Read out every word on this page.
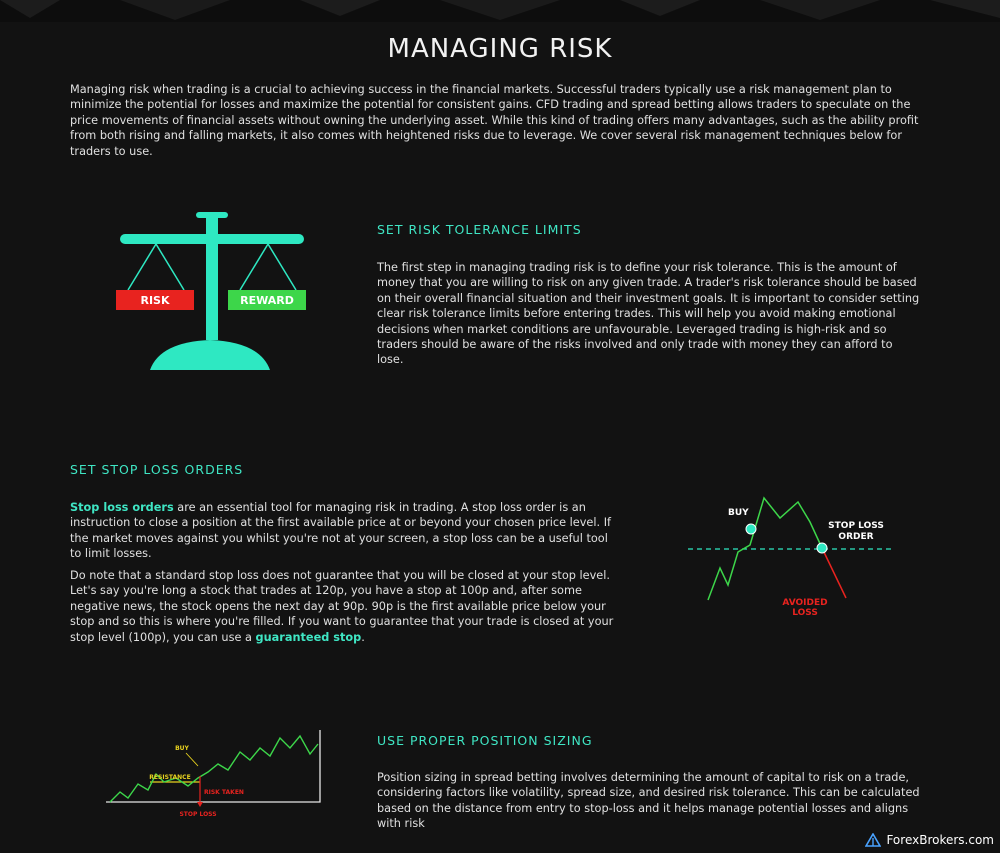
MANAGING RISK

Managing risk when trading is a crucial to achieving success in the financial markets. Successful traders typically use a risk management plan to minimize the potential for losses and maximize the potential for consistent gains. CFD trading and spread betting allows traders to speculate on the price movements of financial assets without owning the underlying asset. While this kind of trading offers many advantages, such as the ability profit from both rising and falling markets, it also comes with heightened risks due to leverage. We cover several risk management techniques below for traders to use.

RISK	REWARD
SET RISK TOLERANCE LIMITS

The first step in managing trading risk is to define your risk tolerance. This is the amount of money that you are willing to risk on any given trade. A trader's risk tolerance should be based on their overall financial situation and their investment goals. It is important to consider setting clear risk tolerance limits before entering trades. This will help you avoid making emotional decisions when market conditions are unfavourable. Leveraged trading is high-risk and so traders should be aware of the risks involved and only trade with money they can afford to lose.

SET STOP LOSS ORDERS

Stop loss orders are an essential tool for managing risk in trading. A stop loss order is an instruction to close a position at the first available price at or beyond your chosen price level. If the market moves against you whilst you're not at your screen, a stop loss can be a useful tool to limit losses.

Do note that a standard stop loss does not guarantee that you will be closed at your stop level. Let's say you're long a stock that trades at 120p, you have a stop at 100p and, after some negative news, the stock opens the next day at 90p. 90p is the first available price below your stop and so this is where you're filled. If you want to guarantee that your trade is closed at your stop level (100p), you can use a guaranteed stop.

BUY
STOP LOSS
ORDER
AVOIDED
LOSS
BUY
RESISTANCE
RISK TAKEN
STOP LOSS
USE PROPER POSITION SIZING

Position sizing in spread betting involves determining the amount of capital to risk on a trade, considering factors like volatility, spread size, and desired risk tolerance. This can be calculated based on the distance from entry to stop-loss and it helps manage potential losses and aligns with risk

ForexBrokers.com
